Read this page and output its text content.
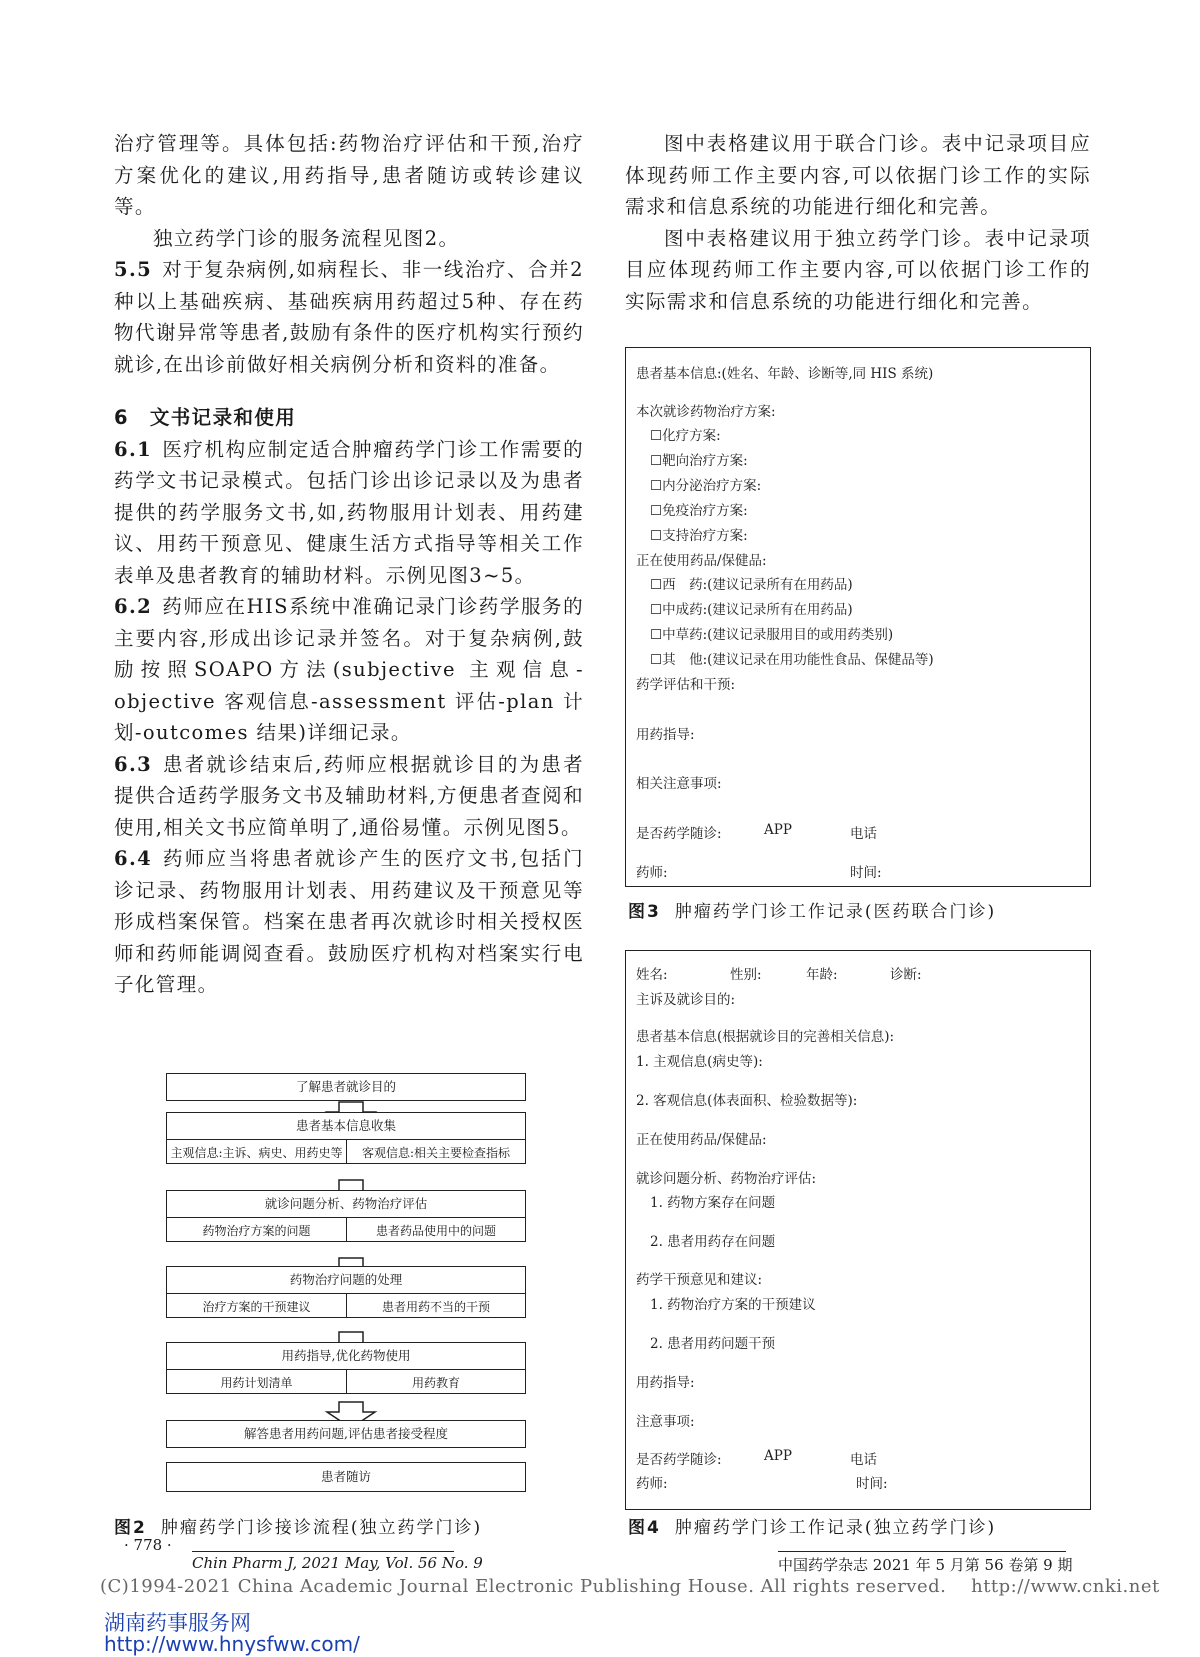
治疗管理等。具体包括:药物治疗评估和干预,治疗方案优化的建议,用药指导,患者随访或转诊建议等。

独立药学门诊的服务流程见图2。

5.5 对于复杂病例,如病程长、非一线治疗、合并2种以上基础疾病、基础疾病用药超过5种、存在药物代谢异常等患者,鼓励有条件的医疗机构实行预约就诊,在出诊前做好相关病例分析和资料的准备。

6　文书记录和使用

6.1 医疗机构应制定适合肿瘤药学门诊工作需要的药学文书记录模式。包括门诊出诊记录以及为患者提供的药学服务文书,如,药物服用计划表、用药建议、用药干预意见、健康生活方式指导等相关工作表单及患者教育的辅助材料。示例见图3~5。

6.2 药师应在HIS系统中准确记录门诊药学服务的主要内容,形成出诊记录并签名。对于复杂病例,鼓励按照SOAPO方法(subjective 主观信息-objective 客观信息-assessment 评估-plan 计划-outcomes 结果)详细记录。

6.3 患者就诊结束后,药师应根据就诊目的为患者提供合适药学服务文书及辅助材料,方便患者查阅和使用,相关文书应简单明了,通俗易懂。示例见图5。

6.4 药师应当将患者就诊产生的医疗文书,包括门诊记录、药物服用计划表、用药建议及干预意见等形成档案保管。档案在患者再次就诊时相关授权医师和药师能调阅查看。鼓励医疗机构对档案实行电子化管理。

图中表格建议用于联合门诊。表中记录项目应体现药师工作主要内容,可以依据门诊工作的实际需求和信息系统的功能进行细化和完善。

图中表格建议用于独立药学门诊。表中记录项目应体现药师工作主要内容,可以依据门诊工作的实际需求和信息系统的功能进行细化和完善。

患者基本信息:(姓名、年龄、诊断等,同 HIS 系统)
本次就诊药物治疗方案:
☐化疗方案:
☐靶向治疗方案:
☐内分泌治疗方案:
☐免疫治疗方案:
☐支持治疗方案:
正在使用药品/保健品:
☐西　药:(建议记录所有在用药品)
☐中成药:(建议记录所有在用药品)
☐中草药:(建议记录服用目的或用药类别)
☐其　他:(建议记录在用功能性食品、保健品等)
药学评估和干预:
用药指导:
相关注意事项:
是否药学随诊:	APP	电话
药师:	时间:
图3 肿瘤药学门诊工作记录(医药联合门诊)
姓名:	性别:	年龄:	诊断:
主诉及就诊目的:
患者基本信息(根据就诊目的完善相关信息):
1. 主观信息(病史等):
2. 客观信息(体表面积、检验数据等):
正在使用药品/保健品:
就诊问题分析、药物治疗评估:
1. 药物方案存在问题
2. 患者用药存在问题
药学干预意见和建议:
1. 药物治疗方案的干预建议
2. 患者用药问题干预
用药指导:
注意事项:
是否药学随诊:	APP	电话
药师:	时间:
图4 肿瘤药学门诊工作记录(独立药学门诊)
了解患者就诊目的
患者基本信息收集
主观信息:主诉、病史、用药史等	客观信息:相关主要检查指标
就诊问题分析、药物治疗评估
药物治疗方案的问题	患者药品使用中的问题
药物治疗问题的处理
治疗方案的干预建议	患者用药不当的干预
用药指导,优化药物使用
用药计划清单	用药教育
解答患者用药问题,评估患者接受程度
患者随访
图2 肿瘤药学门诊接诊流程(独立药学门诊)
· 778 ·
Chin Pharm J, 2021 May, Vol. 56 No. 9	中国药学杂志 2021 年 5 月第 56 卷第 9 期
(C)1994-2021 China Academic Journal Electronic Publishing House. All rights reserved.　 http://www.cnki.net
湖南药事服务网
http://www.hnysfww.com/
